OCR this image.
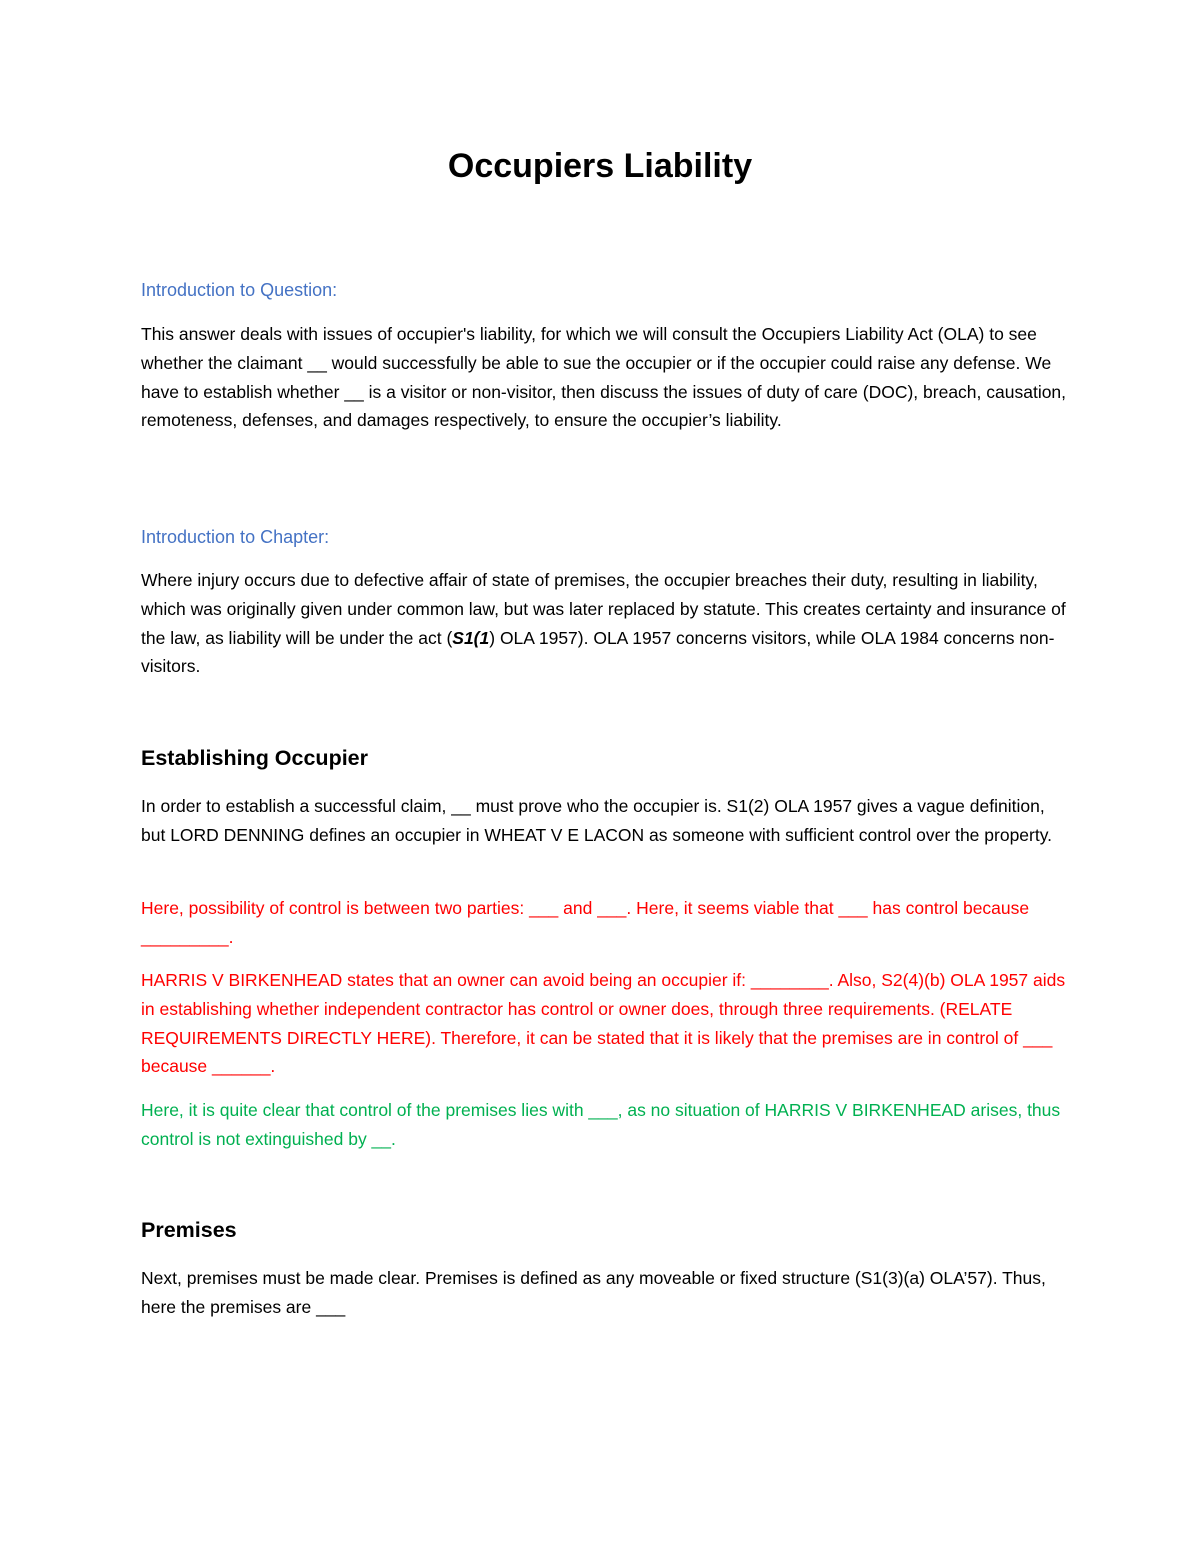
Occupiers Liability

Introduction to Question:

This answer deals with issues of occupier's liability, for which we will consult the Occupiers Liability Act (OLA) to see whether the claimant __ would successfully be able to sue the occupier or if the occupier could raise any defense. We have to establish whether __ is a visitor or non-visitor, then discuss the issues of duty of care (DOC), breach, causation, remoteness, defenses, and damages respectively, to ensure the occupier’s liability.

Introduction to Chapter:

Where injury occurs due to defective affair of state of premises, the occupier breaches their duty, resulting in liability, which was originally given under common law, but was later replaced by statute. This creates certainty and insurance of the law, as liability will be under the act (S1(1) OLA 1957). OLA 1957 concerns visitors, while OLA 1984 concerns non-visitors.

Establishing Occupier

In order to establish a successful claim, __ must prove who the occupier is. S1(2) OLA 1957 gives a vague definition, but LORD DENNING defines an occupier in WHEAT V E LACON as someone with sufficient control over the property.

Here, possibility of control is between two parties: ___ and ___. Here, it seems viable that ___ has control because _________.

HARRIS V BIRKENHEAD states that an owner can avoid being an occupier if: ________. Also, S2(4)(b) OLA 1957 aids in establishing whether independent contractor has control or owner does, through three requirements. (RELATE REQUIREMENTS DIRECTLY HERE). Therefore, it can be stated that it is likely that the premises are in control of ___ because ______.

Here, it is quite clear that control of the premises lies with ___, as no situation of HARRIS V BIRKENHEAD arises, thus control is not extinguished by __.

Premises

Next, premises must be made clear. Premises is defined as any moveable or fixed structure (S1(3)(a) OLA’57). Thus, here the premises are ___
